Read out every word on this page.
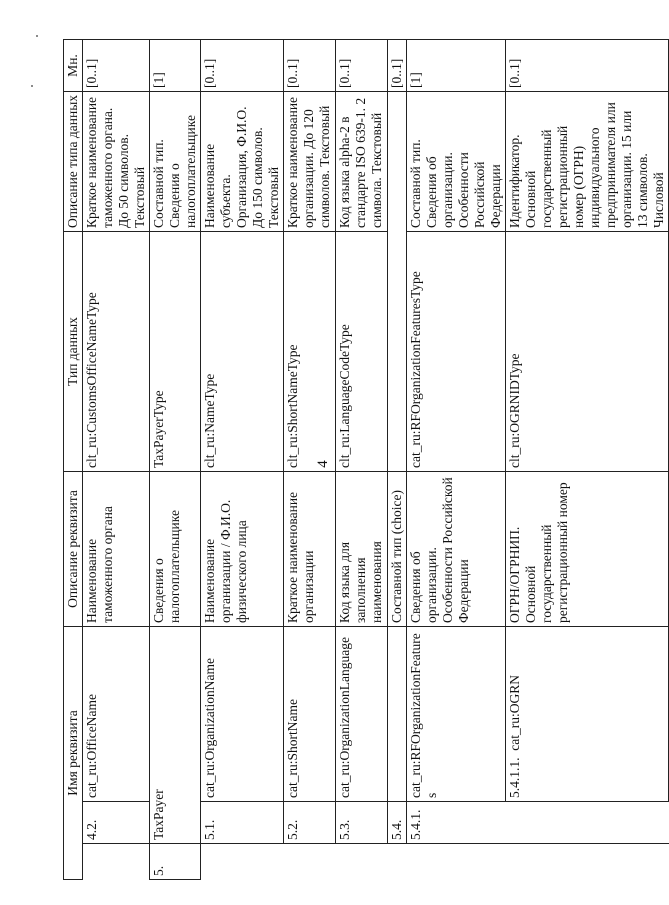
4
Имя реквизита			Описание реквизита	Тип данных	Описание типа данных	Мн.
	4.2.	cat_ru:OfficeName	Наименование таможенного органа	clt_ru:CustomsOfficeNameType	Краткое наименование таможенного органа. До 50 символов. Текстовый	[0..1]
5.	TaxPayer		Сведения о налогоплательщике	TaxPayerType	Составной тип. Сведения о налогоплательщике	[1]
	5.1.	cat_ru:OrganizationName	Наименование организации / Ф.И.О. физического лица	clt_ru:NameType	Наименование субъекта. Организация, Ф.И.О. До 150 символов. Текстовый	[0..1]
	5.2.	cat_ru:ShortName	Краткое наименование организации	clt_ru:ShortNameType	Краткое наименование организации. До 120 символов. Текстовый	[0..1]
	5.3.	cat_ru:OrganizationLanguage	Код языка для заполнения наименования	clt_ru:LanguageCodeType	Код языка alpha-2 в стандарте ISO 639-1. 2 символа. Текстовый	[0..1]
	5.4.		Составной тип (choice)			[0..1]
	5.4.1.	cat_ru:RFOrganizationFeatures	Сведения об организации. Особенности Российской Федерации	cat_ru:RFOrganizationFeaturesType	Составной тип. Сведения об организации. Особенности Российской Федерации	[1]
		5.4.1.1.  cat_ru:OGRN	ОГРН/ОГРНИП. Основной государственный регистрационный номер	clt_ru:OGRNIDType	Идентификатор. Основной государственный регистрационный номер (ОГРН) индивидуального предпринимателя или организации. 15 или 13 символов. Числовой	[0..1]
